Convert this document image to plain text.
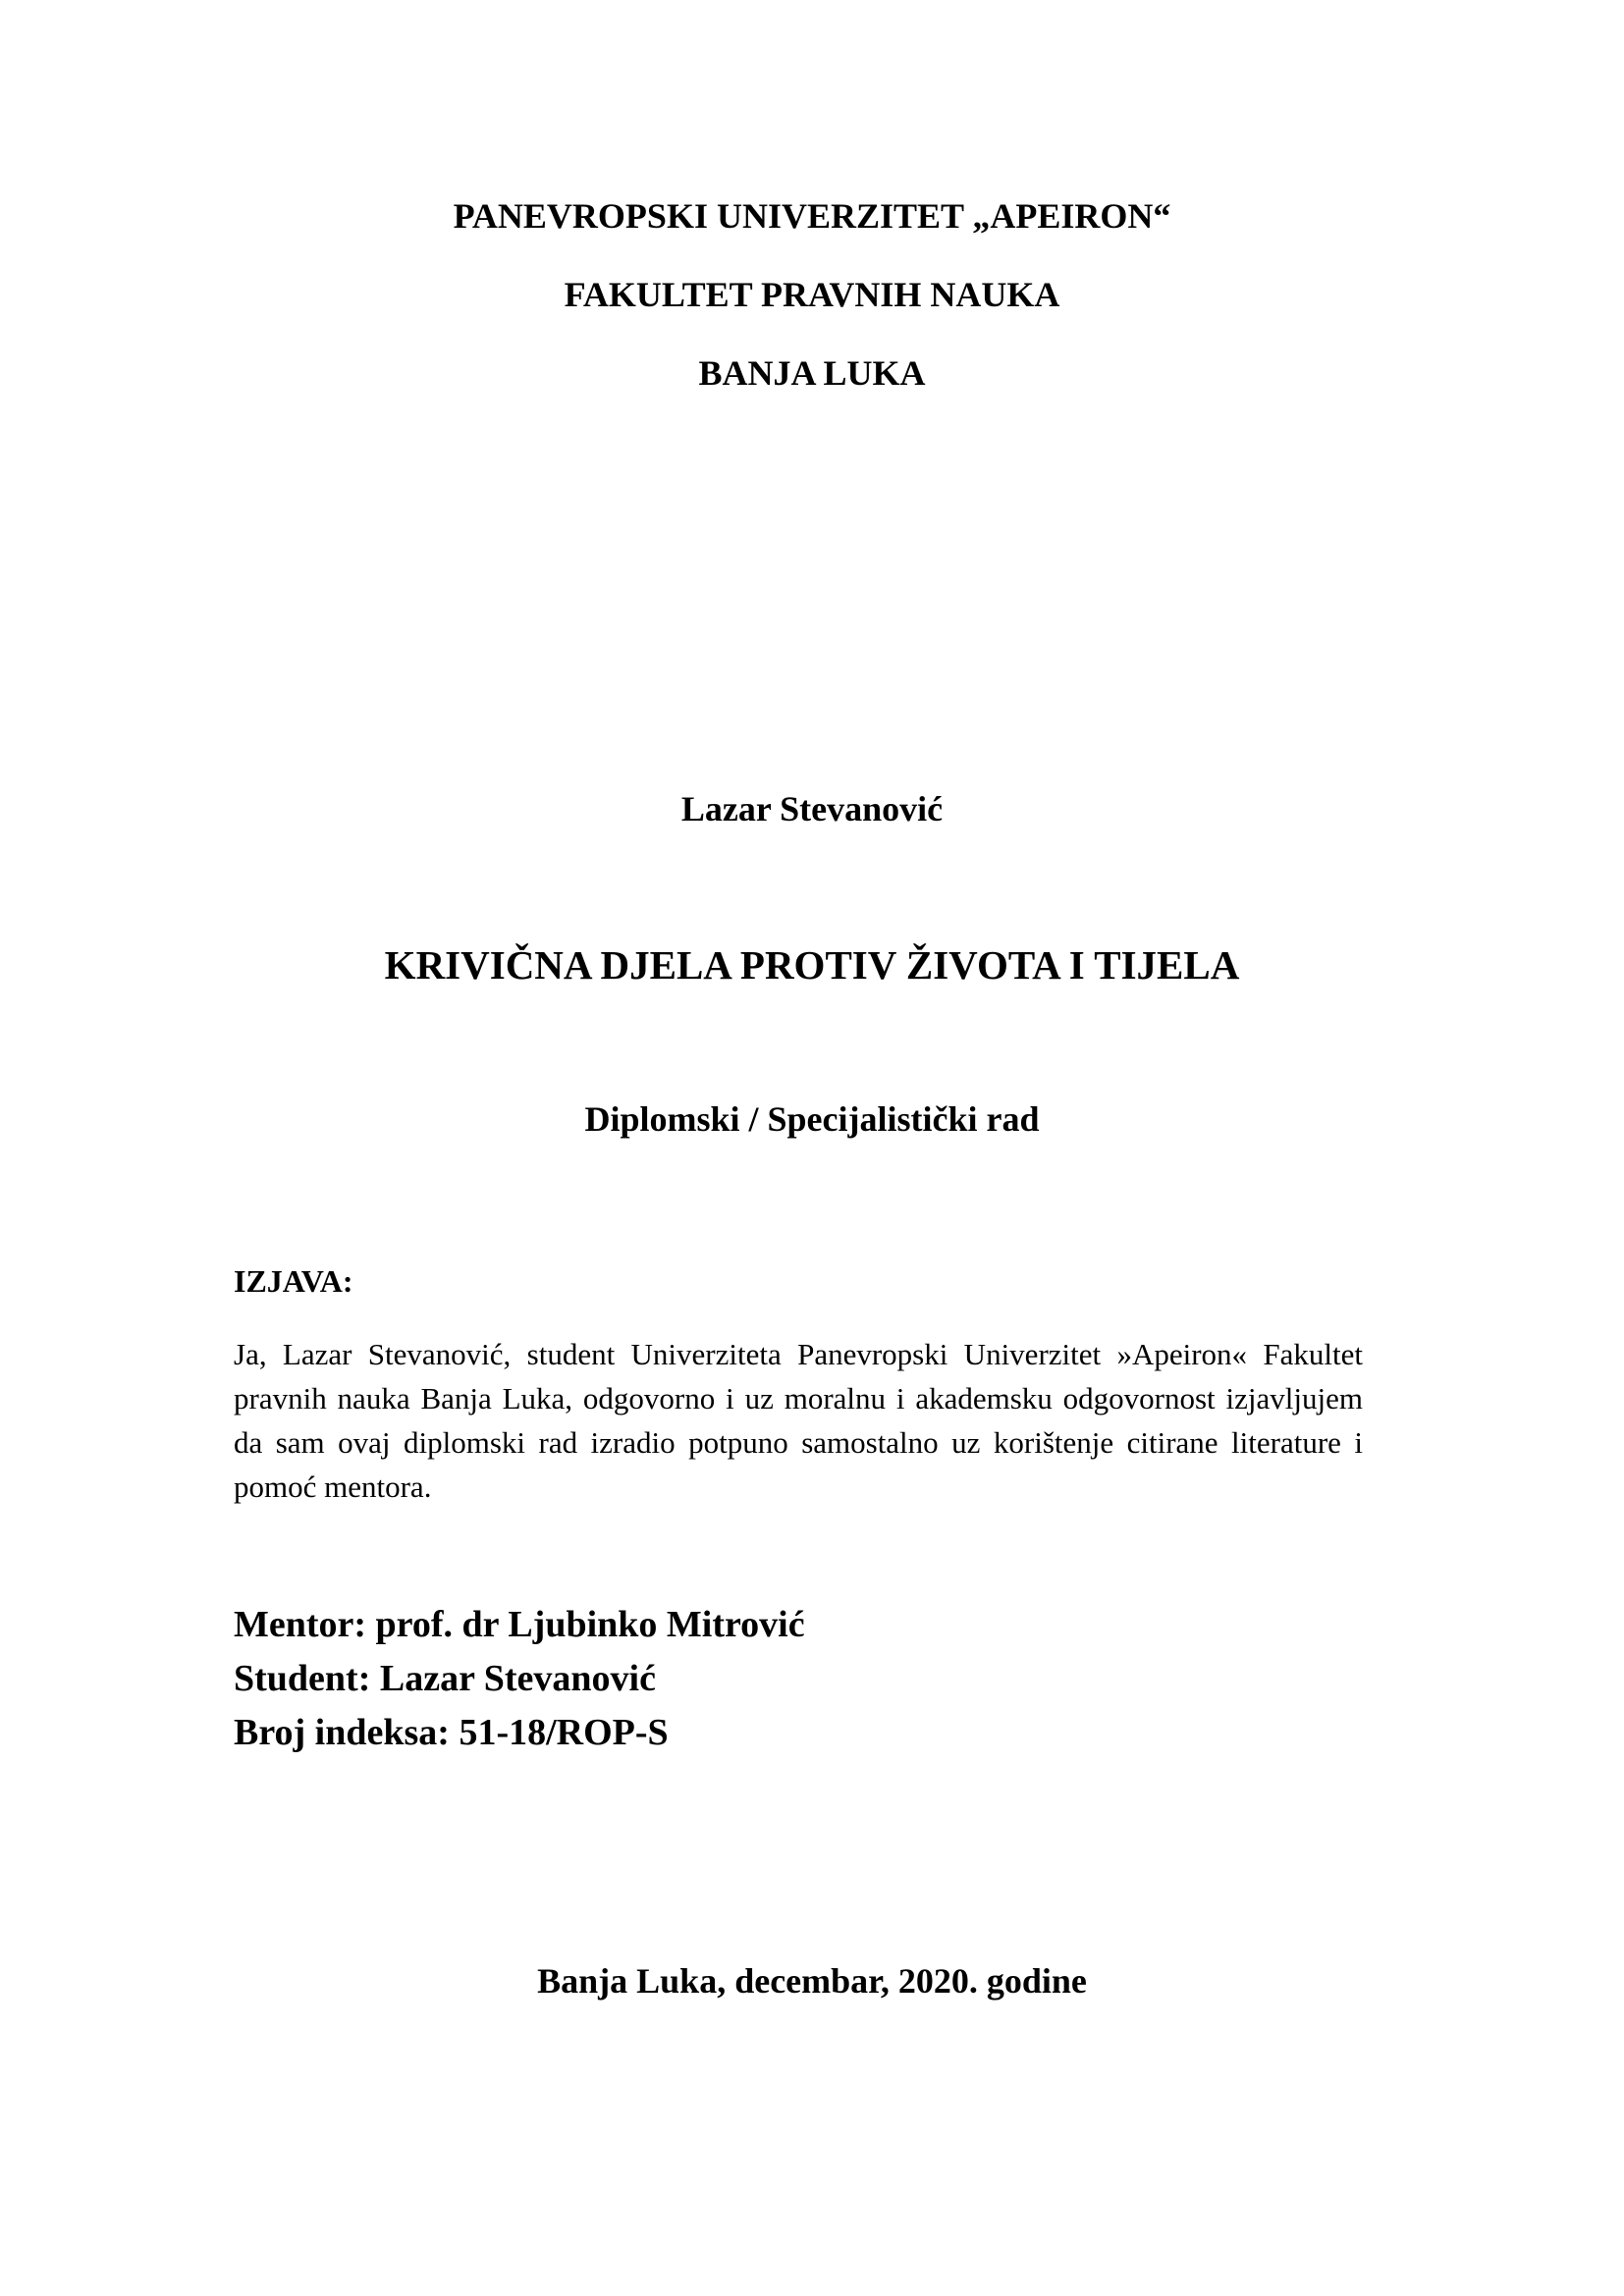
PANEVROPSKI UNIVERZITET „APEIRON“
FAKULTET PRAVNIH NAUKA
BANJA LUKA
Lazar Stevanović
KRIVIČNA DJELA PROTIV ŽIVOTA I TIJELA
Diplomski / Specijalistički rad
IZJAVA:
Ja, Lazar Stevanović, student Univerziteta Panevropski Univerzitet »Apeiron« Fakultet pravnih nauka Banja Luka, odgovorno i uz moralnu i akademsku odgovornost izjavljujem da sam ovaj diplomski rad izradio potpuno samostalno uz korištenje citirane literature i pomoć mentora.
Mentor: prof. dr Ljubinko Mitrović
Student: Lazar Stevanović
Broj indeksa: 51-18/ROP-S
Banja Luka, decembar, 2020. godine
